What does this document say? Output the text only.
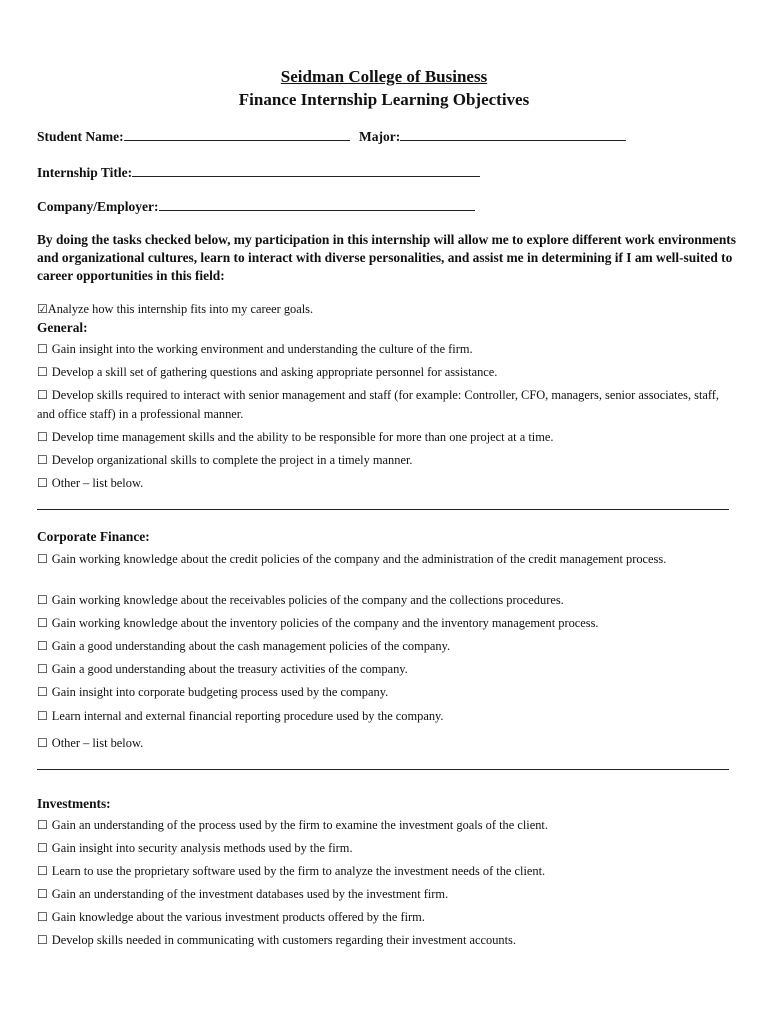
Seidman College of Business
Finance Internship Learning Objectives
Student Name:	Major:
Internship Title:
Company/Employer:
By doing the tasks checked below, my participation in this internship will allow me to explore different work environments and organizational cultures, learn to interact with diverse personalities, and assist me in determining if I am well-suited to career opportunities in this field:
☑Analyze how this internship fits into my career goals.
General:
☐ Gain insight into the working environment and understanding the culture of the firm.
☐ Develop a skill set of gathering questions and asking appropriate personnel for assistance.
☐ Develop skills required to interact with senior management and staff (for example: Controller, CFO, managers, senior associates, staff, and office staff) in a professional manner.
☐ Develop time management skills and the ability to be responsible for more than one project at a time.
☐ Develop organizational skills to complete the project in a timely manner.
☐ Other – list below.
Corporate Finance:
☐ Gain working knowledge about the credit policies of the company and the administration of the credit management process.
☐ Gain working knowledge about the receivables policies of the company and the collections procedures.
☐ Gain working knowledge about the inventory policies of the company and the inventory management process.
☐ Gain a good understanding about the cash management policies of the company.
☐ Gain a good understanding about the treasury activities of the company.
☐ Gain insight into corporate budgeting process used by the company.
☐ Learn internal and external financial reporting procedure used by the company.
☐ Other – list below.
Investments:
☐ Gain an understanding of the process used by the firm to examine the investment goals of the client.
☐ Gain insight into security analysis methods used by the firm.
☐ Learn to use the proprietary software used by the firm to analyze the investment needs of the client.
☐ Gain an understanding of the investment databases used by the investment firm.
☐ Gain knowledge about the various investment products offered by the firm.
☐ Develop skills needed in communicating with customers regarding their investment accounts.
